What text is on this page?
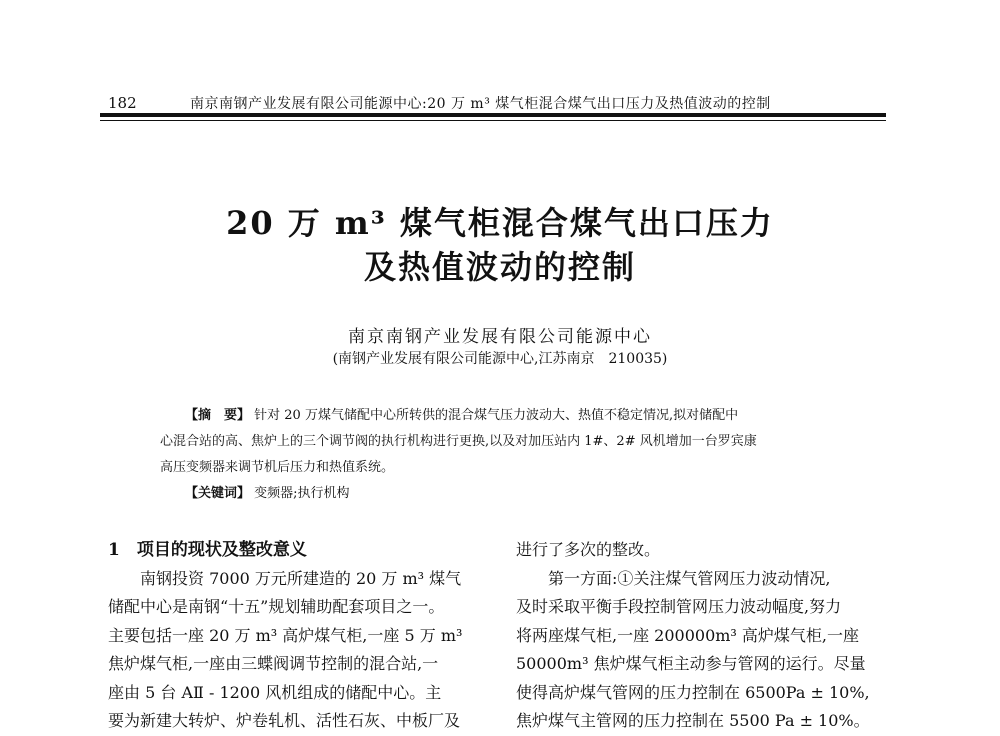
182	南京南钢产业发展有限公司能源中心:20 万 m³ 煤气柜混合煤气出口压力及热值波动的控制
20 万 m³ 煤气柜混合煤气出口压力
及热值波动的控制
南京南钢产业发展有限公司能源中心
(南钢产业发展有限公司能源中心,江苏南京　210035)
【摘　要】 针对 20 万煤气储配中心所转供的混合煤气压力波动大、热值不稳定情况,拟对储配中
心混合站的高、焦炉上的三个调节阀的执行机构进行更换,以及对加压站内 1#、2# 风机增加一台罗宾康
高压变频器来调节机后压力和热值系统。
【关键词】 变频器;执行机构
1　项目的现状及整改意义
南钢投资 7000 万元所建造的 20 万 m³ 煤气
储配中心是南钢“十五”规划辅助配套项目之一。
主要包括一座 20 万 m³ 高炉煤气柜,一座 5 万 m³
焦炉煤气柜,一座由三蝶阀调节控制的混合站,一
座由 5 台 AⅡ - 1200 风机组成的储配中心。主
要为新建大转炉、炉卷轧机、活性石灰、中板厂及
进行了多次的整改。
第一方面:①关注煤气管网压力波动情况,
及时采取平衡手段控制管网压力波动幅度,努力
将两座煤气柜,一座 200000m³ 高炉煤气柜,一座
50000m³ 焦炉煤气柜主动参与管网的运行。尽量
使得高炉煤气管网的压力控制在 6500Pa ± 10%,
焦炉煤气主管网的压力控制在 5500 Pa ± 10%。
